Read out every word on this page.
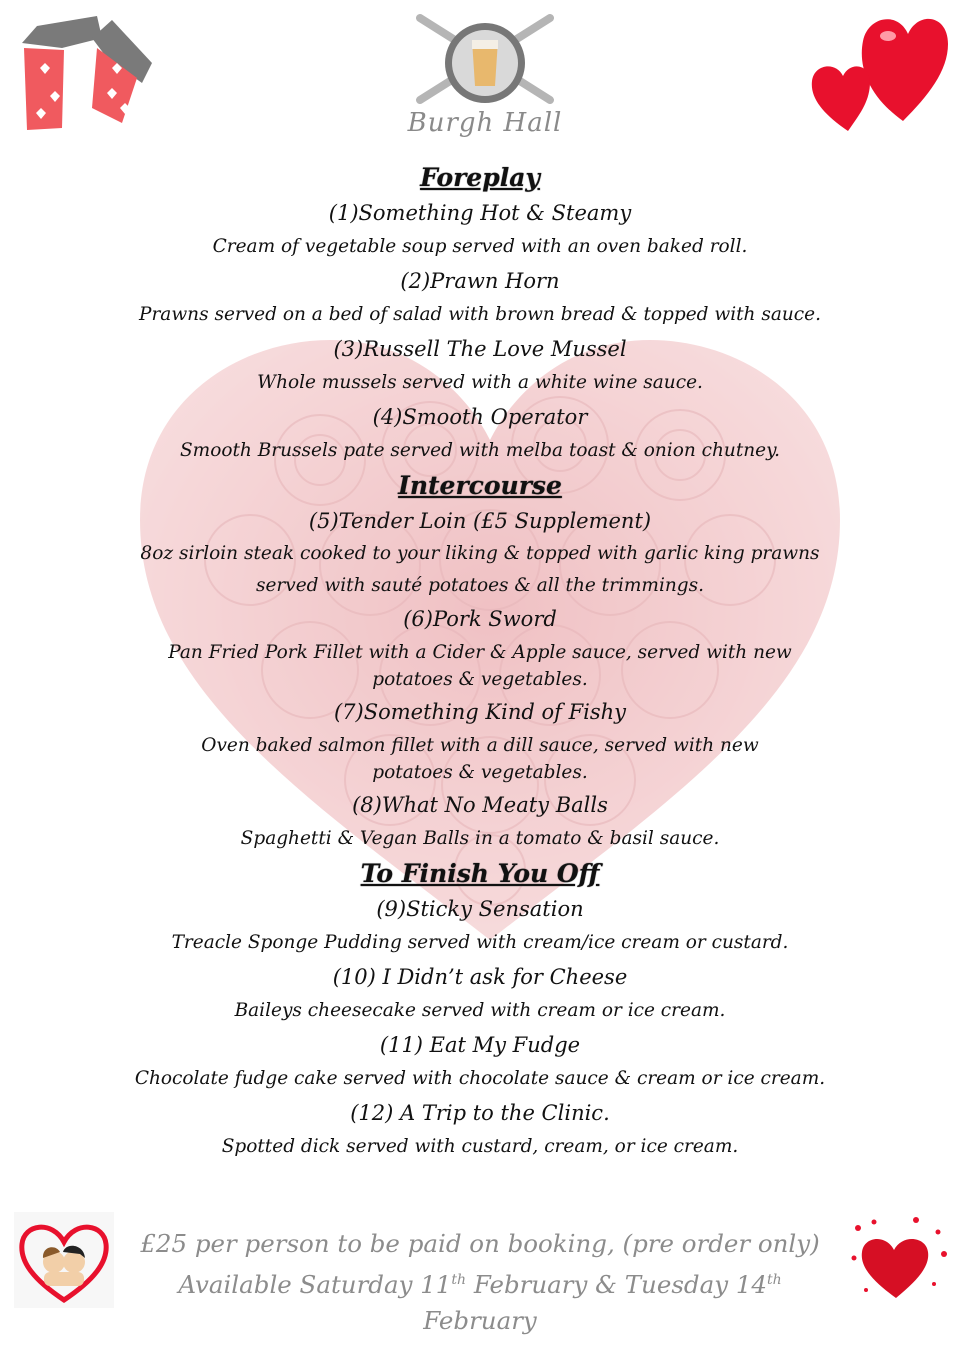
Burgh Hall

Foreplay

(1)Something Hot & Steamy

Cream of vegetable soup served with an oven baked roll.

(2)Prawn Horn

Prawns served on a bed of salad with brown bread & topped with sauce.

(3)Russell The Love Mussel

Whole mussels served with a white wine sauce.

(4)Smooth Operator

Smooth Brussels pate served with melba toast & onion chutney.

Intercourse

(5)Tender Loin (£5 Supplement)

8oz sirloin steak cooked to your liking & topped with garlic king prawns

served with sauté potatoes & all the trimmings.

(6)Pork Sword

Pan Fried Pork Fillet with a Cider & Apple sauce, served with new potatoes & vegetables.

(7)Something Kind of Fishy

Oven baked salmon fillet with a dill sauce, served with new potatoes & vegetables.

(8)What No Meaty Balls

Spaghetti & Vegan Balls in a tomato & basil sauce.

To Finish You Off

(9)Sticky Sensation

Treacle Sponge Pudding served with cream/ice cream or custard.

(10) I Didn’t ask for Cheese

Baileys cheesecake served with cream or ice cream.

(11) Eat My Fudge

Chocolate fudge cake served with chocolate sauce & cream or ice cream.

(12) A Trip to the Clinic.

Spotted dick served with custard, cream, or ice cream.

£25 per person to be paid on booking, (pre order only)
Available Saturday 11th February & Tuesday 14th February
